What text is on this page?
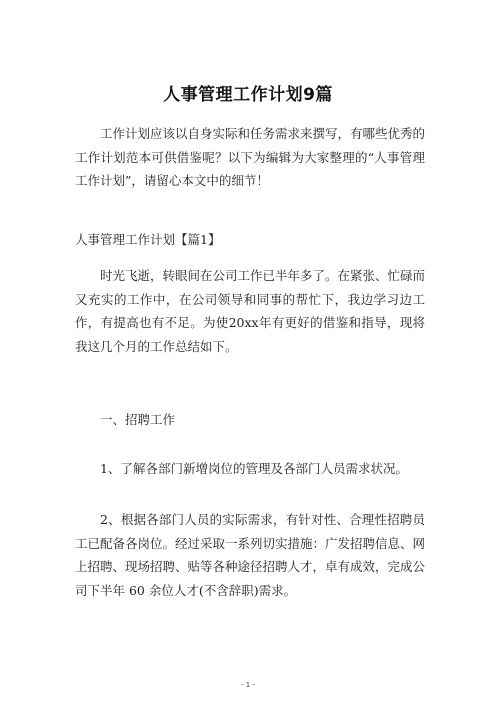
人事管理工作计划9篇

工作计划应该以自身实际和任务需求来撰写，有哪些优秀的工作计划范本可供借鉴呢？以下为编辑为大家整理的“人事管理工作计划”，请留心本文中的细节！

人事管理工作计划【篇1】

时光飞逝，转眼间在公司工作已半年多了。在紧张、忙碌而又充实的工作中，在公司领导和同事的帮忙下，我边学习边工作，有提高也有不足。为使20xx年有更好的借鉴和指导，现将我这几个月的工作总结如下。

一、招聘工作

1、了解各部门新增岗位的管理及各部门人员需求状况。

2、根据各部门人员的实际需求，有针对性、合理性招聘员工已配备各岗位。经过采取一系列切实措施：广发招聘信息、网上招聘、现场招聘、贴等各种途径招聘人才，卓有成效，完成公司下半年 60 余位人才(不含辞职)需求。

- 1 -
